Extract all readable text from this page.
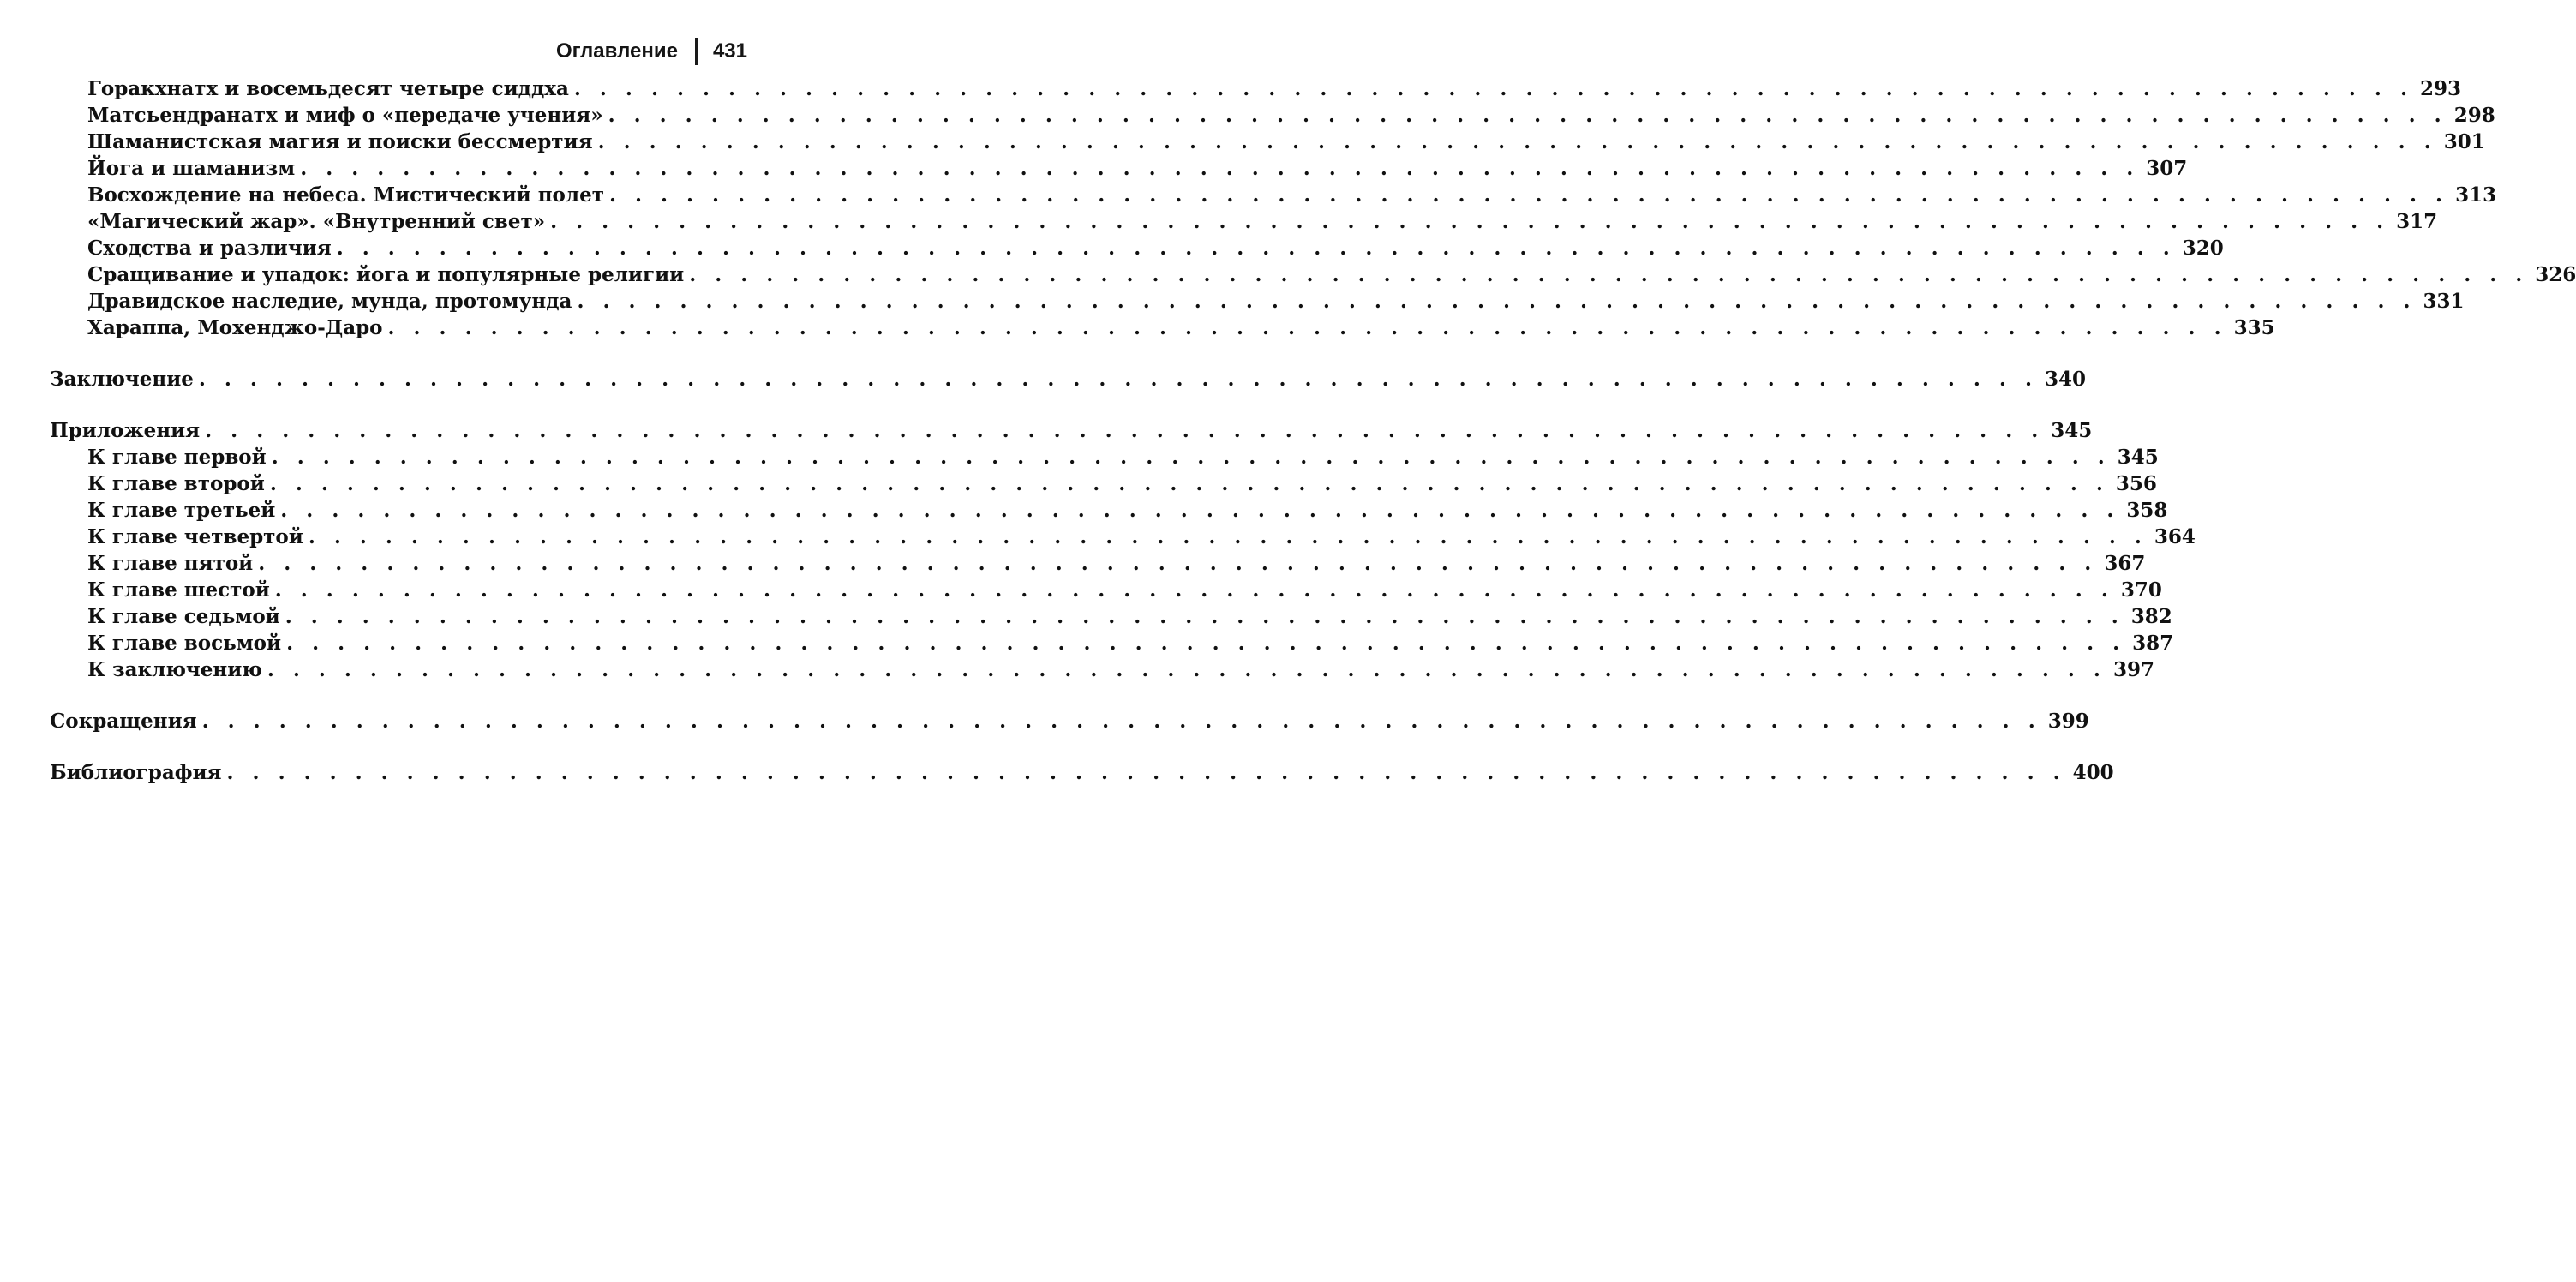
Оглавление 431
Горакхнатх и восемьдесят четыре сиддха . . . . . . . . . . . . . . . . . . . . . . . . . . . . . . . . . . . . . . . . . . . . . . . . . . . . . . . . . . . . . . . . . . . . . . . . 293
Матсьендранатх и миф о «передаче учения» . . . . . . . . . . . . . . . . . . . . . . . . . . . . . . . . . . . . . . . . . . . . . . . . . . . . . . . . . . . . . . . . . . . . . . . . 298
Шаманистская магия и поиски бессмертия . . . . . . . . . . . . . . . . . . . . . . . . . . . . . . . . . . . . . . . . . . . . . . . . . . . . . . . . . . . . . . . . . . . . . . . . 301
Йога и шаманизм . . . . . . . . . . . . . . . . . . . . . . . . . . . . . . . . . . . . . . . . . . . . . . . . . . . . . . . . . . . . . . . . . . . . . . . . 307
Восхождение на небеса. Мистический полет . . . . . . . . . . . . . . . . . . . . . . . . . . . . . . . . . . . . . . . . . . . . . . . . . . . . . . . . . . . . . . . . . . . . . . . . 313
«Магический жар». «Внутренний свет» . . . . . . . . . . . . . . . . . . . . . . . . . . . . . . . . . . . . . . . . . . . . . . . . . . . . . . . . . . . . . . . . . . . . . . . . 317
Сходства и различия . . . . . . . . . . . . . . . . . . . . . . . . . . . . . . . . . . . . . . . . . . . . . . . . . . . . . . . . . . . . . . . . . . . . . . . . 320
Сращивание и упадок: йога и популярные религии . . . . . . . . . . . . . . . . . . . . . . . . . . . . . . . . . . . . . . . . . . . . . . . . . . . . . . . . . . . . . . . . . . . . . . . . 326
Дравидское наследие, мунда, протомунда . . . . . . . . . . . . . . . . . . . . . . . . . . . . . . . . . . . . . . . . . . . . . . . . . . . . . . . . . . . . . . . . . . . . . . . . 331
Хараппа, Мохенджо-Даро . . . . . . . . . . . . . . . . . . . . . . . . . . . . . . . . . . . . . . . . . . . . . . . . . . . . . . . . . . . . . . . . . . . . . . . . 335
Заключение . . . . . . . . . . . . . . . . . . . . . . . . . . . . . . . . . . . . . . . . . . . . . . . . . . . . . . . . . . . . . . . . . . . . . . . . 340
Приложения . . . . . . . . . . . . . . . . . . . . . . . . . . . . . . . . . . . . . . . . . . . . . . . . . . . . . . . . . . . . . . . . . . . . . . . . 345
К главе первой . . . . . . . . . . . . . . . . . . . . . . . . . . . . . . . . . . . . . . . . . . . . . . . . . . . . . . . . . . . . . . . . . . . . . . . . 345
К главе второй . . . . . . . . . . . . . . . . . . . . . . . . . . . . . . . . . . . . . . . . . . . . . . . . . . . . . . . . . . . . . . . . . . . . . . . . 356
К главе третьей . . . . . . . . . . . . . . . . . . . . . . . . . . . . . . . . . . . . . . . . . . . . . . . . . . . . . . . . . . . . . . . . . . . . . . . . 358
К главе четвертой . . . . . . . . . . . . . . . . . . . . . . . . . . . . . . . . . . . . . . . . . . . . . . . . . . . . . . . . . . . . . . . . . . . . . . . . 364
К главе пятой . . . . . . . . . . . . . . . . . . . . . . . . . . . . . . . . . . . . . . . . . . . . . . . . . . . . . . . . . . . . . . . . . . . . . . . . 367
К главе шестой . . . . . . . . . . . . . . . . . . . . . . . . . . . . . . . . . . . . . . . . . . . . . . . . . . . . . . . . . . . . . . . . . . . . . . . . 370
К главе седьмой . . . . . . . . . . . . . . . . . . . . . . . . . . . . . . . . . . . . . . . . . . . . . . . . . . . . . . . . . . . . . . . . . . . . . . . . 382
К главе восьмой . . . . . . . . . . . . . . . . . . . . . . . . . . . . . . . . . . . . . . . . . . . . . . . . . . . . . . . . . . . . . . . . . . . . . . . . 387
К заключению . . . . . . . . . . . . . . . . . . . . . . . . . . . . . . . . . . . . . . . . . . . . . . . . . . . . . . . . . . . . . . . . . . . . . . . . 397
Сокращения . . . . . . . . . . . . . . . . . . . . . . . . . . . . . . . . . . . . . . . . . . . . . . . . . . . . . . . . . . . . . . . . . . . . . . . . 399
Библиография . . . . . . . . . . . . . . . . . . . . . . . . . . . . . . . . . . . . . . . . . . . . . . . . . . . . . . . . . . . . . . . . . . . . . . . . 400
